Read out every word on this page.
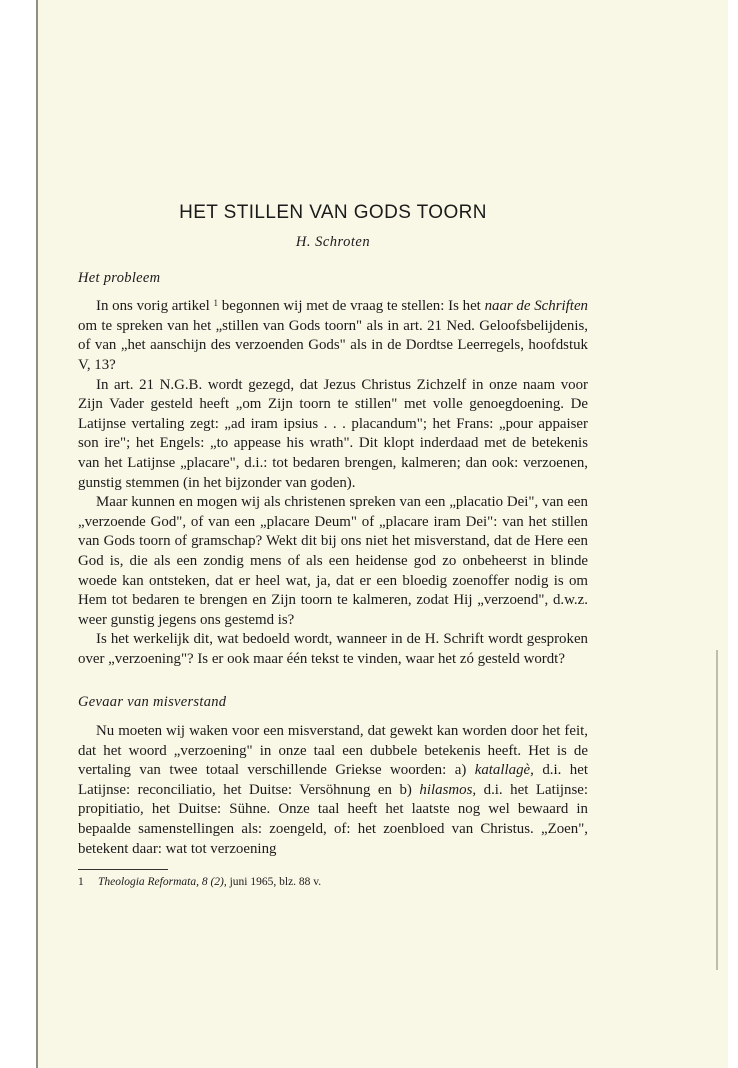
HET STILLEN VAN GODS TOORN
H. Schroten
Het probleem

In ons vorig artikel $^1$ begonnen wij met de vraag te stellen: Is het naar de Schriften om te spreken van het „stillen van Gods toorn" als in art. 21 Ned. Geloofsbelijdenis, of van „het aanschijn des verzoenden Gods" als in de Dordtse Leerregels, hoofdstuk V, 13?

In art. 21 N.G.B. wordt gezegd, dat Jezus Christus Zichzelf in onze naam voor Zijn Vader gesteld heeft „om Zijn toorn te stillen" met volle genoegdoening. De Latijnse vertaling zegt: „ad iram ipsius . . . placandum"; het Frans: „pour appaiser son ire"; het Engels: „to appease his wrath". Dit klopt inderdaad met de betekenis van het Latijnse „placare", d.i.: tot bedaren brengen, kalmeren; dan ook: verzoenen, gunstig stemmen (in het bijzonder van goden).

Maar kunnen en mogen wij als christenen spreken van een „placatio Dei", van een „verzoende God", of van een „placare Deum" of „placare iram Dei": van het stillen van Gods toorn of gramschap? Wekt dit bij ons niet het misverstand, dat de Here een God is, die als een zondig mens of als een heidense god zo onbeheerst in blinde woede kan ontsteken, dat er heel wat, ja, dat er een bloedig zoenoffer nodig is om Hem tot bedaren te brengen en Zijn toorn te kalmeren, zodat Hij „verzoend", d.w.z. weer gunstig jegens ons gestemd is?

Is het werkelijk dit, wat bedoeld wordt, wanneer in de H. Schrift wordt gesproken over „verzoening"? Is er ook maar één tekst te vinden, waar het zó gesteld wordt?

Gevaar van misverstand

Nu moeten wij waken voor een misverstand, dat gewekt kan worden door het feit, dat het woord „verzoening" in onze taal een dubbele betekenis heeft. Het is de vertaling van twee totaal verschillende Griekse woorden: a) katallagè, d.i. het Latijnse: reconciliatio, het Duitse: Versöhnung en b) hilasmos, d.i. het Latijnse: propitiatio, het Duitse: Sühne. Onze taal heeft het laatste nog wel bewaard in bepaalde samenstellingen als: zoengeld, of: het zoenbloed van Christus. „Zoen", betekent daar: wat tot verzoening

1 Theologia Reformata, 8 (2), juni 1965, blz. 88 v.
